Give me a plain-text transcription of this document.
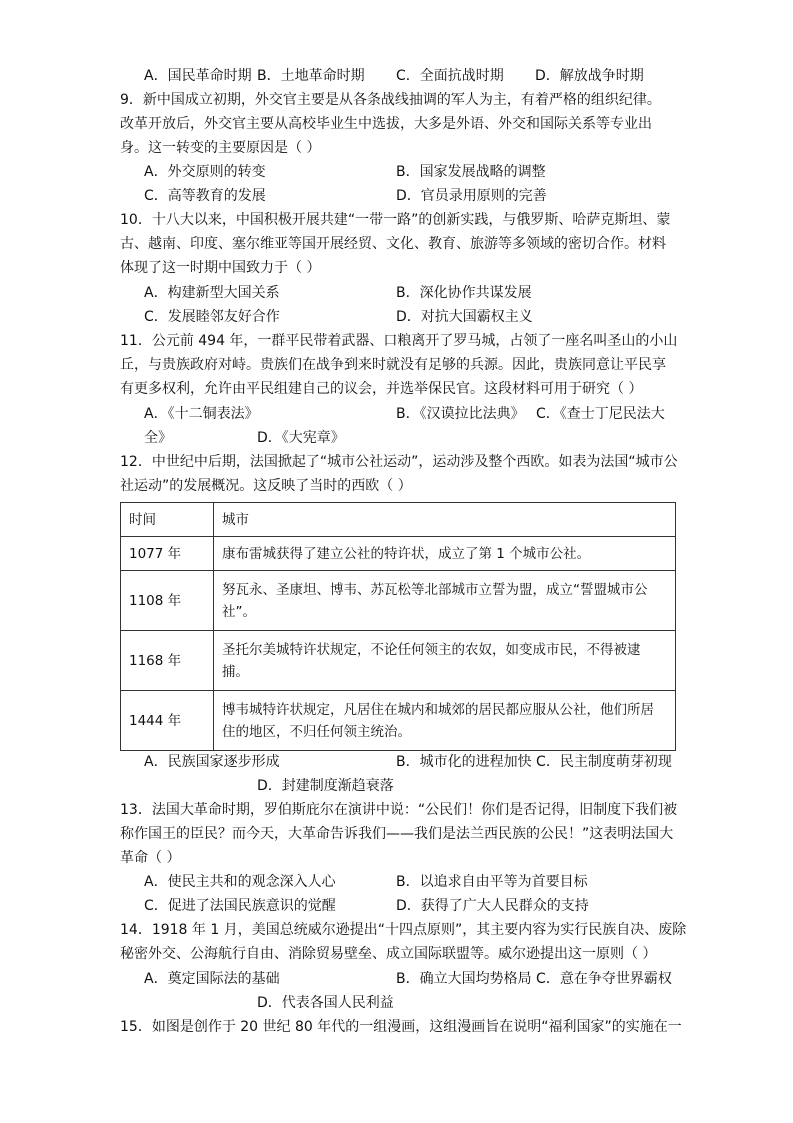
A．国民革命时期 B．土地革命时期 C．全面抗战时期 D．解放战争时期
9．新中国成立初期，外交官主要是从各条战线抽调的军人为主，有着严格的组织纪律。
改革开放后，外交官主要从高校毕业生中选拔，大多是外语、外交和国际关系等专业出
身。这一转变的主要原因是（ ）
A．外交原则的转变	B．国家发展战略的调整
C．高等教育的发展	D．官员录用原则的完善
10．十八大以来，中国积极开展共建“一带一路”的创新实践，与俄罗斯、哈萨克斯坦、蒙
古、越南、印度、塞尔维亚等国开展经贸、文化、教育、旅游等多领域的密切合作。材料
体现了这一时期中国致力于（ ）
A．构建新型大国关系	B．深化协作共谋发展
C．发展睦邻友好合作	D．对抗大国霸权主义
11．公元前 494 年，一群平民带着武器、口粮离开了罗马城，占领了一座名叫圣山的小山
丘，与贵族政府对峙。贵族们在战争到来时就没有足够的兵源。因此，贵族同意让平民享
有更多权利，允许由平民组建自己的议会，并选举保民官。这段材料可用于研究（ ）
A．《十二铜表法》	B．《汉谟拉比法典》 C．《查士丁尼民法大
全》	D．《大宪章》
12．中世纪中后期，法国掀起了“城市公社运动”，运动涉及整个西欧。如表为法国“城市公
社运动”的发展概况。这反映了当时的西欧（ ）
时间	城市
1077 年	康布雷城获得了建立公社的特许状，成立了第 1 个城市公社。
1108 年	努瓦永、圣康坦、博韦、苏瓦松等北部城市立誓为盟，成立“誓盟城市公社”。
1168 年	圣托尔美城特许状规定，不论任何领主的农奴，如变成市民，不得被逮捕。
1444 年	博韦城特许状规定，凡居住在城内和城郊的居民都应服从公社，他们所居住的地区，不归任何领主统治。
A．民族国家逐步形成	B．城市化的进程加快 C．民主制度萌芽初现
D．封建制度渐趋衰落
13．法国大革命时期，罗伯斯庇尔在演讲中说：“公民们！你们是否记得，旧制度下我们被
称作国王的臣民？而今天，大革命告诉我们——我们是法兰西民族的公民！”这表明法国大
革命（ ）
A．使民主共和的观念深入人心	B．以追求自由平等为首要目标
C．促进了法国民族意识的觉醒	D．获得了广大人民群众的支持
14．1918 年 1 月，美国总统威尔逊提出“十四点原则”，其主要内容为实行民族自决、废除
秘密外交、公海航行自由、消除贸易壁垒、成立国际联盟等。威尔逊提出这一原则（ ）
A．奠定国际法的基础	B．确立大国均势格局 C．意在争夺世界霸权
D．代表各国人民利益
15．如图是创作于 20 世纪 80 年代的一组漫画，这组漫画旨在说明“福利国家”的实施在一
